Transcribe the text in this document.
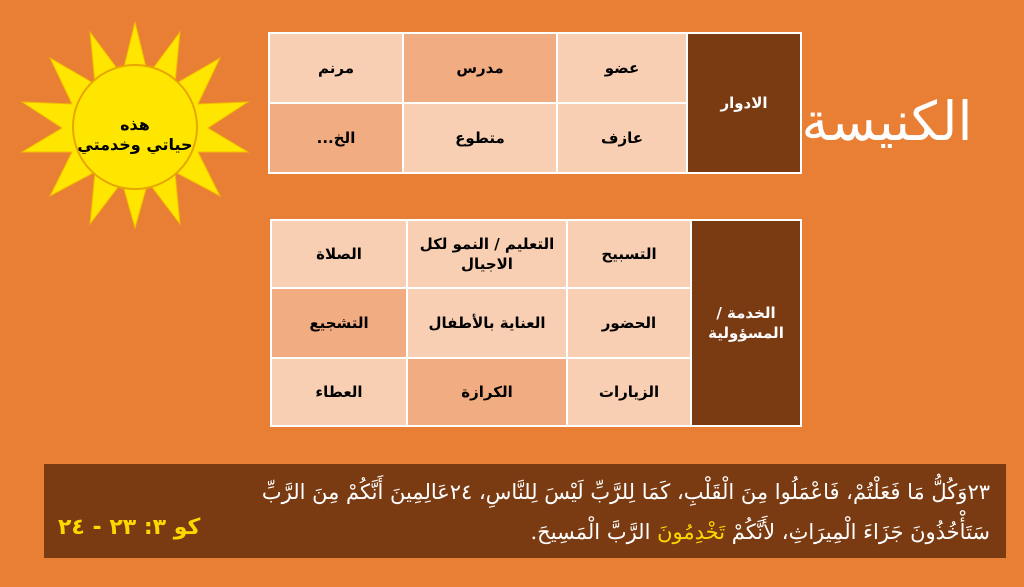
هذه
حياتي وخدمتي	الكنيسة
الادوار	عضو	مدرس	مرنم
	عازف	متطوع	الخ...
الخدمة / المسؤولية	التسبيح	التعليم / النمو لكل الاجيال	الصلاة
	الحضور	العناية بالأطفال	التشجيع
	الزيارات	الكرازة	العطاء
٢٣وَكُلُّ مَا فَعَلْتُمْ، فَاعْمَلُوا مِنَ الْقَلْبِ، كَمَا لِلرَّبِّ لَيْسَ لِلنَّاسِ، ٢٤عَالِمِينَ أَنَّكُمْ مِنَ الرَّبِّ
سَتَأْخُذُونَ جَزَاءَ الْمِيرَاثِ، لأَنَّكُمْ تَخْدِمُونَ الرَّبَّ الْمَسِيحَ.
كو ٣: ٢٣ - ٢٤
